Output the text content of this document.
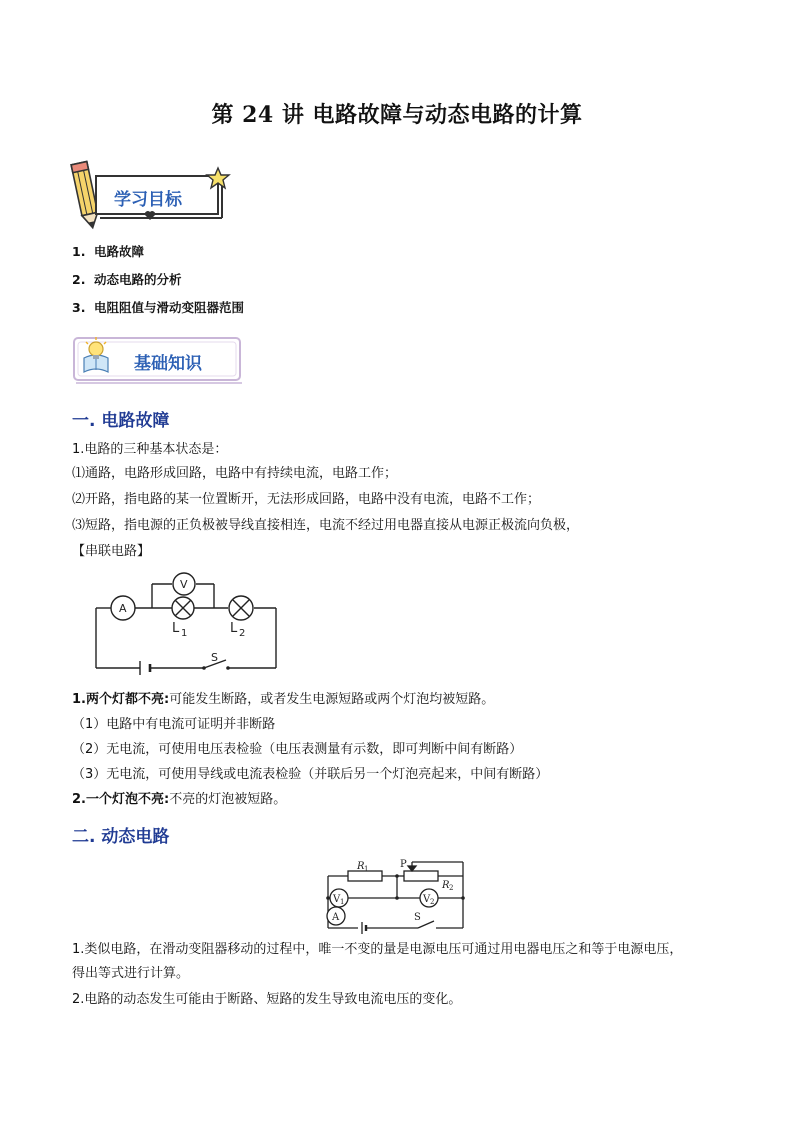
第 24 讲 电路故障与动态电路的计算
学习目标
1. 电路故障
2. 动态电路的分析
3. 电阻阻值与滑动变阻器范围
基础知识
一. 电路故障
1.电路的三种基本状态是：
⑴通路，电路形成回路，电路中有持续电流，电路工作；
⑵开路，指电路的某一位置断开，无法形成回路，电路中没有电流，电路不工作；
⑶短路，指电源的正负极被导线直接相连，电流不经过用电器直接从电源正极流向负极，
【串联电路】
A
V
L 1	L 2
S
1.两个灯都不亮:可能发生断路，或者发生电源短路或两个灯泡均被短路。
（1）电路中有电流可证明并非断路
（2）无电流，可使用电压表检验（电压表测量有示数，即可判断中间有断路）
（3）无电流，可使用导线或电流表检验（并联后另一个灯泡亮起来，中间有断路）
2.一个灯泡不亮:不亮的灯泡被短路。
二. 动态电路
R 1
R 2
P
V 1	V 2
A	S
1.类似电路，在滑动变阻器移动的过程中，唯一不变的量是电源电压可通过用电器电压之和等于电源电压，
得出等式进行计算。
2.电路的动态发生可能由于断路、短路的发生导致电流电压的变化。
